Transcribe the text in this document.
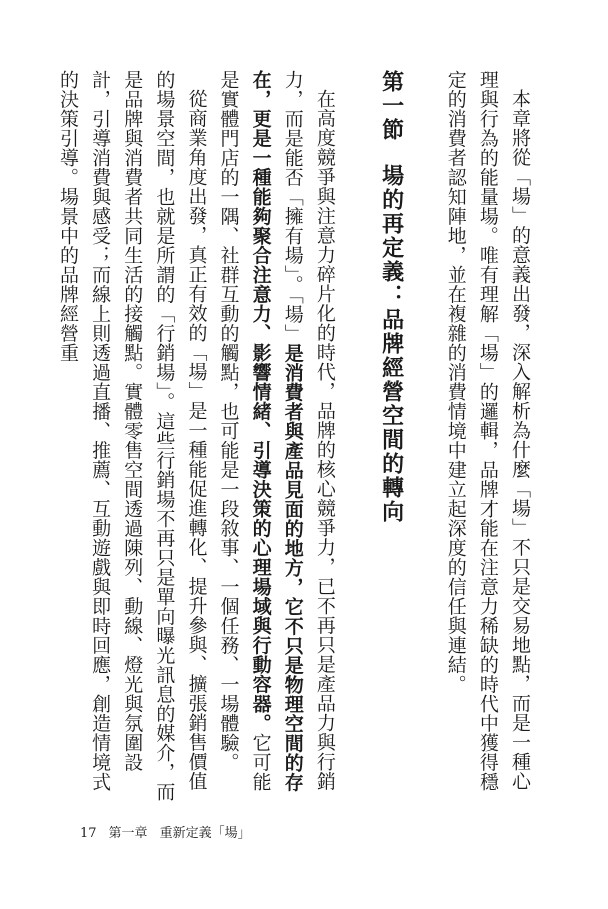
本章將從「場」的意義出發，深入解析為什麼「場」不只是交易地點，而是一種心理與行為的能量場。唯有理解「場」的邏輯，品牌才能在注意力稀缺的時代中獲得穩定的消費者認知陣地，並在複雜的消費情境中建立起深度的信任與連結。

第一節場的再定義：品牌經營空間的轉向

在高度競爭與注意力碎片化的時代，品牌的核心競爭力，已不再只是產品力與行銷力，而是能否「擁有場」。「場」是消費者與產品見面的地方，它不只是物理空間的存在，更是一種能夠聚合注意力、影響情緒、引導決策的心理場域與行動容器。它可能是實體門店的一隅、社群互動的觸點，也可能是一段敘事、一個任務、一場體驗。

從商業角度出發，真正有效的「場」是一種能促進轉化、提升參與、擴張銷售價值的場景空間，也就是所謂的「行銷場」。這些行銷場不再只是單向曝光訊息的媒介，而是品牌與消費者共同生活的接觸點。實體零售空間透過陳列、動線、燈光與氛圍設計，引導消費與感受；而線上則透過直播、推薦、互動遊戲與即時回應，創造情境式的決策引導。場景中的品牌經營重

17 第一章 重新定義「場」
